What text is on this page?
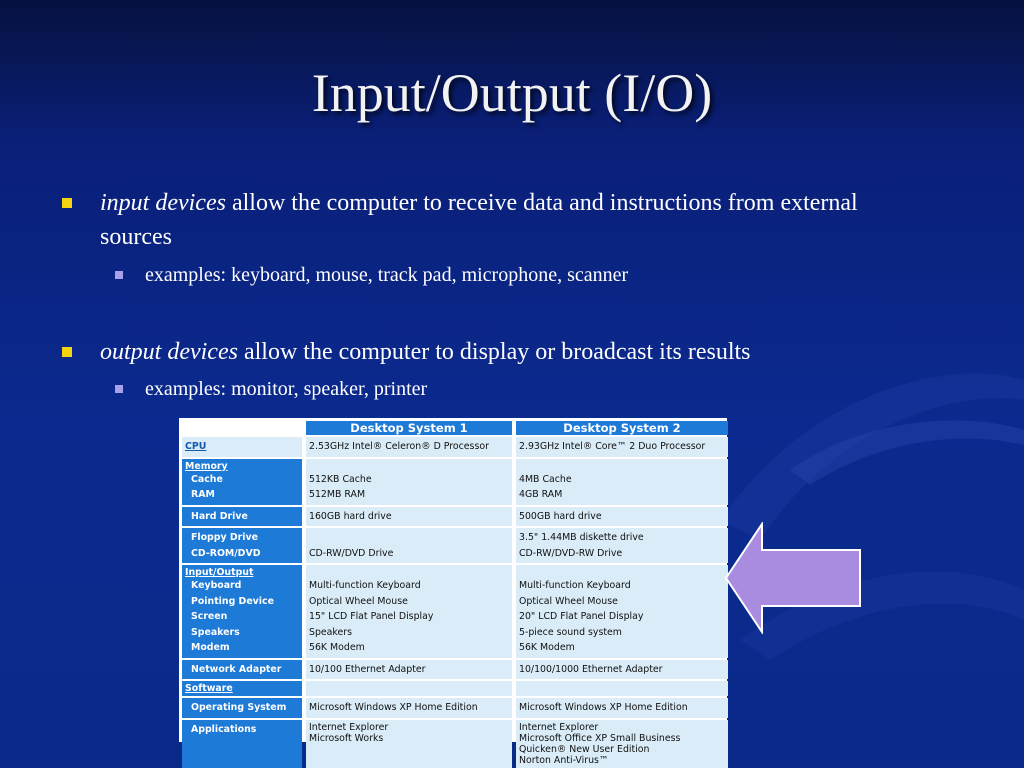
Input/Output (I/O)
input devices allow the computer to receive data and instructions from external
sources
examples: keyboard, mouse, track pad, microphone, scanner
output devices allow the computer to display or broadcast its results
examples: monitor, speaker, printer
CPU
Memory
Cache
RAM
Hard Drive
Floppy Drive
CD-ROM/DVD
Input/Output
Keyboard
Pointing Device
Screen
Speakers
Modem
Network Adapter
Software
Operating System
Applications
Desktop System 1
2.53GHz Intel® Celeron® D Processor
512KB Cache
512MB RAM
160GB hard drive
CD-RW/DVD Drive
Multi-function Keyboard
Optical Wheel Mouse
15" LCD Flat Panel Display
Speakers
56K Modem
10/100 Ethernet Adapter
Microsoft Windows XP Home Edition
Internet Explorer
Microsoft Works
Desktop System 2
2.93GHz Intel® Core™ 2 Duo Processor
4MB Cache
4GB RAM
500GB hard drive
3.5" 1.44MB diskette drive
CD-RW/DVD-RW Drive
Multi-function Keyboard
Optical Wheel Mouse
20" LCD Flat Panel Display
5-piece sound system
56K Modem
10/100/1000 Ethernet Adapter
Microsoft Windows XP Home Edition
Internet Explorer
Microsoft Office XP Small Business
Quicken® New User Edition
Norton Anti-Virus™
